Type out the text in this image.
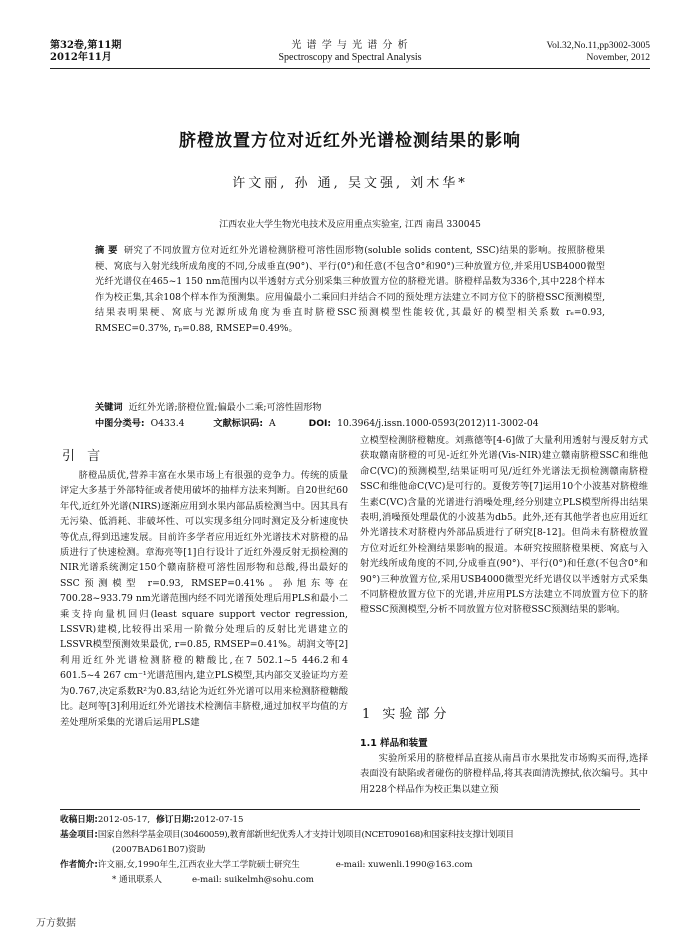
第32卷,第11期
2012年11月
光 谱 学 与 光 谱 分 析
Spectroscopy and Spectral Analysis
Vol.32,No.11,pp3002-3005
November, 2012
脐橙放置方位对近红外光谱检测结果的影响
许文丽, 孙 通, 吴文强, 刘木华*
江西农业大学生物光电技术及应用重点实验室, 江西 南昌 330045

摘 要 研究了不同放置方位对近红外光谱检测脐橙可溶性固形物(soluble solids content, SSC)结果的影响。按照脐橙果梗、窝底与入射光线所成角度的不同,分成垂直(90°)、平行(0°)和任意(不包含0°和90°)三种放置方位,并采用USB4000微型光纤光谱仪在465~1 150 nm范围内以半透射方式分别采集三种放置方位的脐橙光谱。脐橙样品数为336个,其中228个样本作为校正集,其余108个样本作为预测集。应用偏最小二乘回归并结合不同的预处理方法建立不同方位下的脐橙SSC预测模型,结果表明果梗、窝底与光源所成角度为垂直时脐橙SSC预测模型性能较优,其最好的模型相关系数 rₑ=0.93, RMSEC=0.37%, rₚ=0.88, RMSEP=0.49%。

关键词 近红外光谱;脐橙位置;偏最小二乘;可溶性固形物
中图分类号: O433.4	文献标识码: A	DOI: 10.3964/j.issn.1000-0593(2012)11-3002-04
引 言

脐橙品质优,营养丰富在水果市场上有很强的竞争力。传统的质量评定大多基于外部特征或者使用破坏的抽样方法来判断。自20世纪60年代,近红外光谱(NIRS)逐渐应用到水果内部品质检测当中。因其具有无污染、低消耗、非破坏性、可以实现多组分同时测定及分析速度快等优点,得到迅速发展。目前许多学者应用近红外光谱技术对脐橙的品质进行了快速检测。章海亮等[1]自行设计了近红外漫反射无损检测的NIR光谱系统测定150个赣南脐橙可溶性固形物和总酸,得出最好的SSC预测模型 r=0.93, RMSEP=0.41%。孙旭东等在700.28~933.79 nm光谱范围内经不同光谱预处理后用PLS和最小二乘支持向量机回归(least square support vector regression, LSSVR)建模,比较得出采用一阶微分处理后的反射比光谱建立的LSSVR模型预测效果最优, r=0.85, RMSEP=0.41%。胡润文等[2]利用近红外光谱检测脐橙的糖酸比,在7 502.1~5 446.2和4 601.5~4 267 cm⁻¹光谱范围内,建立PLS模型,其内部交叉验证均方差为0.767,决定系数R²为0.83,结论为近红外光谱可以用来检测脐橙糖酸比。赵珂等[3]利用近红外光谱技术检测信丰脐橙,通过加权平均值的方差处理所采集的光谱后运用PLS建

立模型检测脐橙糖度。刘燕德等[4-6]做了大量利用透射与漫反射方式获取赣南脐橙的可见-近红外光谱(Vis-NIR)建立赣南脐橙SSC和维他命C(VC)的预测模型,结果证明可见/近红外光谱法无损检测赣南脐橙SSC和维他命C(VC)是可行的。夏俊芳等[7]运用10个小波基对脐橙维生素C(VC)含量的光谱进行消噪处理,经分别建立PLS模型所得出结果表明,消噪预处理最优的小波基为db5。此外,还有其他学者也应用近红外光谱技术对脐橙内外部品质进行了研究[8-12]。但尚未有脐橙放置方位对近红外检测结果影响的报道。本研究按照脐橙果梗、窝底与入射光线所成角度的不同,分成垂直(90°)、平行(0°)和任意(不包含0°和90°)三种放置方位,采用USB4000微型光纤光谱仪以半透射方式采集不同脐橙放置方位下的光谱,并应用PLS方法建立不同放置方位下的脐橙SSC预测模型,分析不同放置方位对脐橙SSC预测结果的影响。

1 实验部分
1.1 样品和装置

实验所采用的脐橙样品直接从南昌市水果批发市场购买而得,选择表面没有缺陷或者碰伤的脐橙样品,将其表面清洗擦拭,依次编号。其中用228个样品作为校正集以建立预

收稿日期:2012-05-17, 修订日期:2012-07-15
基金项目:国家自然科学基金项目(30460059),教育部新世纪优秀人才支持计划项目(NCET090168)和国家科技支撑计划项目
(2007BAD61B07)资助
作者简介:许文丽,女,1990年生,江西农业大学工学院硕士研究生	e-mail: xuwenli.1990@163.com
* 通讯联系人	e-mail: suikelmh@sohu.com
万方数据
